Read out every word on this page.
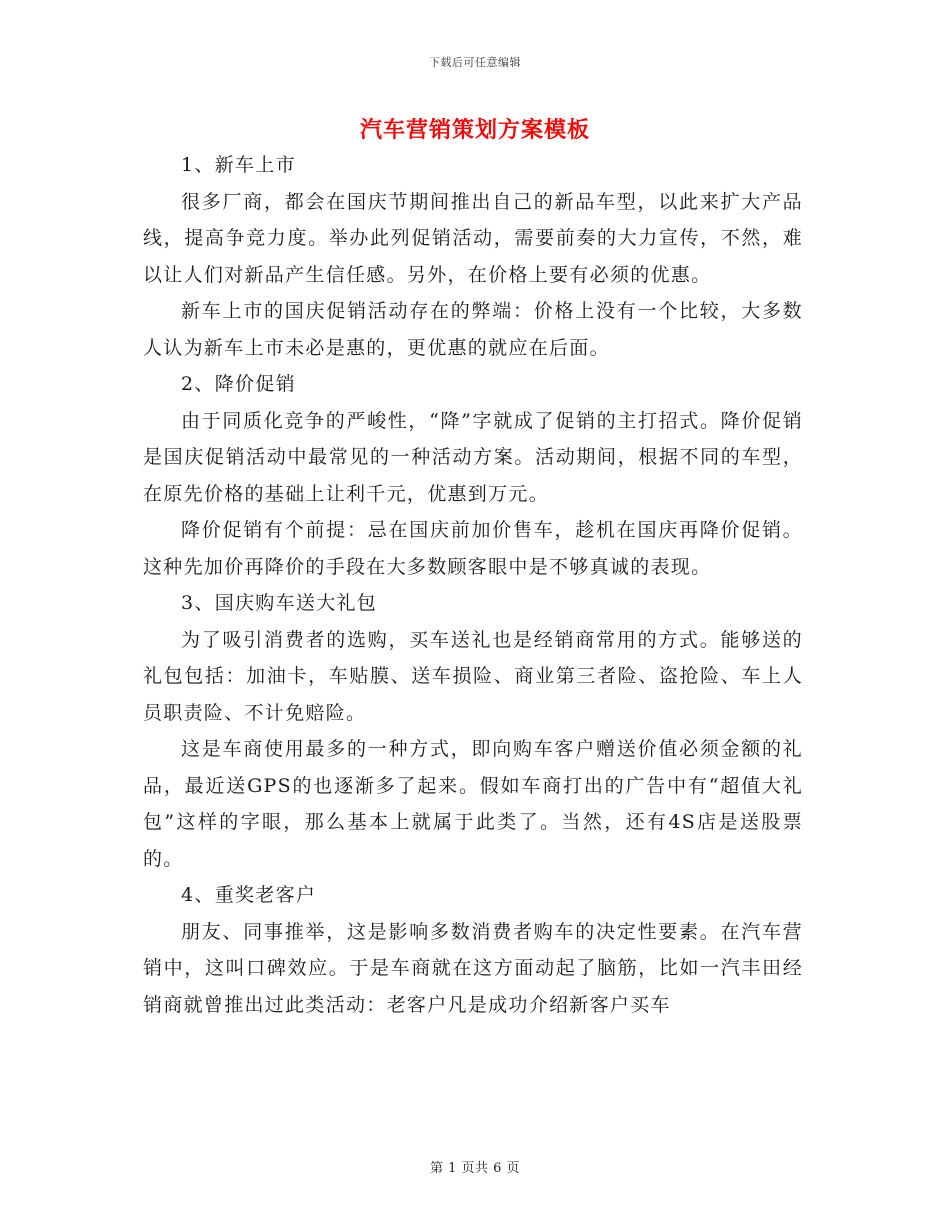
下载后可任意编辑
汽车营销策划方案模板

1、新车上市

很多厂商，都会在国庆节期间推出自己的新品车型，以此来扩大产品线，提高争竞力度。举办此列促销活动，需要前奏的大力宣传，不然，难以让人们对新品产生信任感。另外，在价格上要有必须的优惠。

新车上市的国庆促销活动存在的弊端：价格上没有一个比较，大多数人认为新车上市未必是惠的，更优惠的就应在后面。

2、降价促销

由于同质化竞争的严峻性，“降”字就成了促销的主打招式。降价促销是国庆促销活动中最常见的一种活动方案。活动期间，根据不同的车型，在原先价格的基础上让利千元，优惠到万元。

降价促销有个前提：忌在国庆前加价售车，趁机在国庆再降价促销。这种先加价再降价的手段在大多数顾客眼中是不够真诚的表现。

3、国庆购车送大礼包

为了吸引消费者的选购，买车送礼也是经销商常用的方式。能够送的礼包包括：加油卡，车贴膜、送车损险、商业第三者险、盗抢险、车上人员职责险、不计免赔险。

这是车商使用最多的一种方式，即向购车客户赠送价值必须金额的礼品，最近送GPS的也逐渐多了起来。假如车商打出的广告中有“超值大礼包”这样的字眼，那么基本上就属于此类了。当然，还有4S店是送股票的。

4、重奖老客户

朋友、同事推举，这是影响多数消费者购车的决定性要素。在汽车营销中，这叫口碑效应。于是车商就在这方面动起了脑筋，比如一汽丰田经销商就曾推出过此类活动：老客户凡是成功介绍新客户买车

第 1 页共 6 页
